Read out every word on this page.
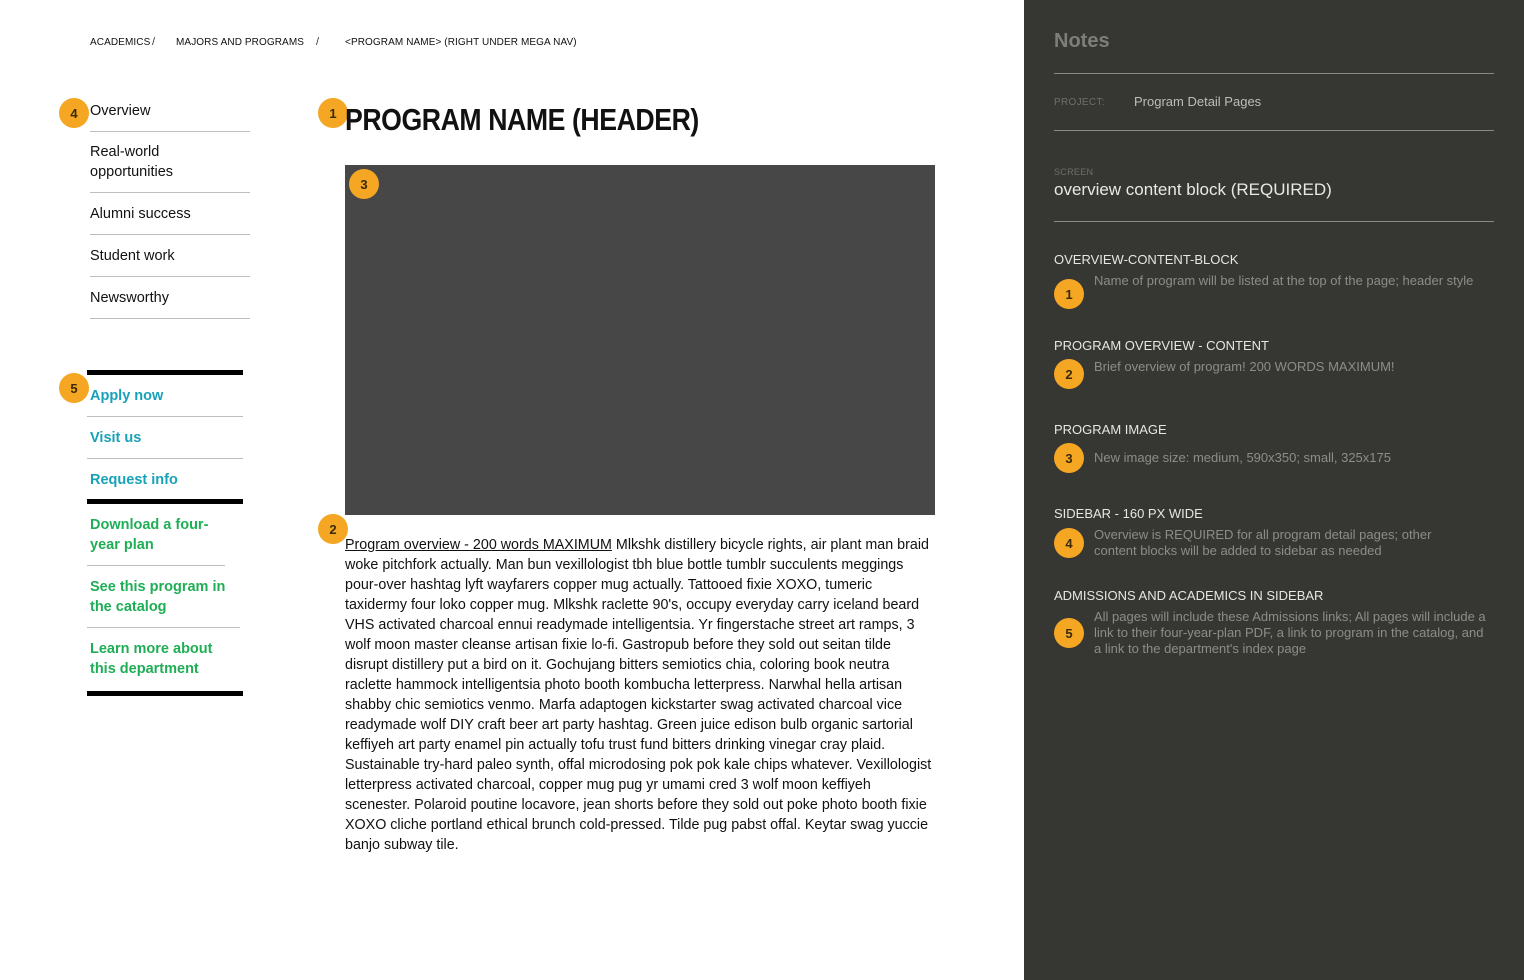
ACADEMICS / MAJORS AND PROGRAMS /	<PROGRAM NAME> (RIGHT UNDER MEGA NAV)
4
5
1
2
Overview
Real-world opportunities
Alumni success
Student work
Newsworthy
Apply now
Visit us
Request info
Download a four-year plan
See this program in the catalog
Learn more about this department
PROGRAM NAME (HEADER)
3

Program overview - 200 words MAXIMUM Mlkshk distillery bicycle rights, air plant man braid woke pitchfork actually. Man bun vexillologist tbh blue bottle tumblr succulents meggings pour-over hashtag lyft wayfarers copper mug actually. Tattooed fixie XOXO, tumeric taxidermy four loko copper mug. Mlkshk raclette 90's, occupy everyday carry iceland beard VHS activated charcoal ennui readymade intelligentsia. Yr fingerstache street art ramps, 3 wolf moon master cleanse artisan fixie lo-fi. Gastropub before they sold out seitan tilde disrupt distillery put a bird on it. Gochujang bitters semiotics chia, coloring book neutra raclette hammock intelligentsia photo booth kombucha letterpress. Narwhal hella artisan shabby chic semiotics venmo. Marfa adaptogen kickstarter swag activated charcoal vice readymade wolf DIY craft beer art party hashtag. Green juice edison bulb organic sartorial keffiyeh art party enamel pin actually tofu trust fund bitters drinking vinegar cray plaid. Sustainable try-hard paleo synth, offal microdosing pok pok kale chips whatever. Vexillologist letterpress activated charcoal, copper mug pug yr umami cred 3 wolf moon keffiyeh scenester. Polaroid poutine locavore, jean shorts before they sold out poke photo booth fixie XOXO cliche portland ethical brunch cold-pressed. Tilde pug pabst offal. Keytar swag yuccie banjo subway tile.

Notes
PROJECT: Program Detail Pages
SCREEN
overview content block (REQUIRED)
OVERVIEW-CONTENT-BLOCK
1
Name of program will be listed at the top of the page; header style
PROGRAM OVERVIEW - CONTENT
2	Brief overview of program! 200 WORDS MAXIMUM!
PROGRAM IMAGE
3	New image size: medium, 590x350; small, 325x175
SIDEBAR - 160 PX WIDE
4
Overview is REQUIRED for all program detail pages; other content blocks will be added to sidebar as needed
ADMISSIONS AND ACADEMICS IN SIDEBAR
5
All pages will include these Admissions links; All pages will include a link to their four-year-plan PDF, a link to program in the catalog, and a link to the department's index page
